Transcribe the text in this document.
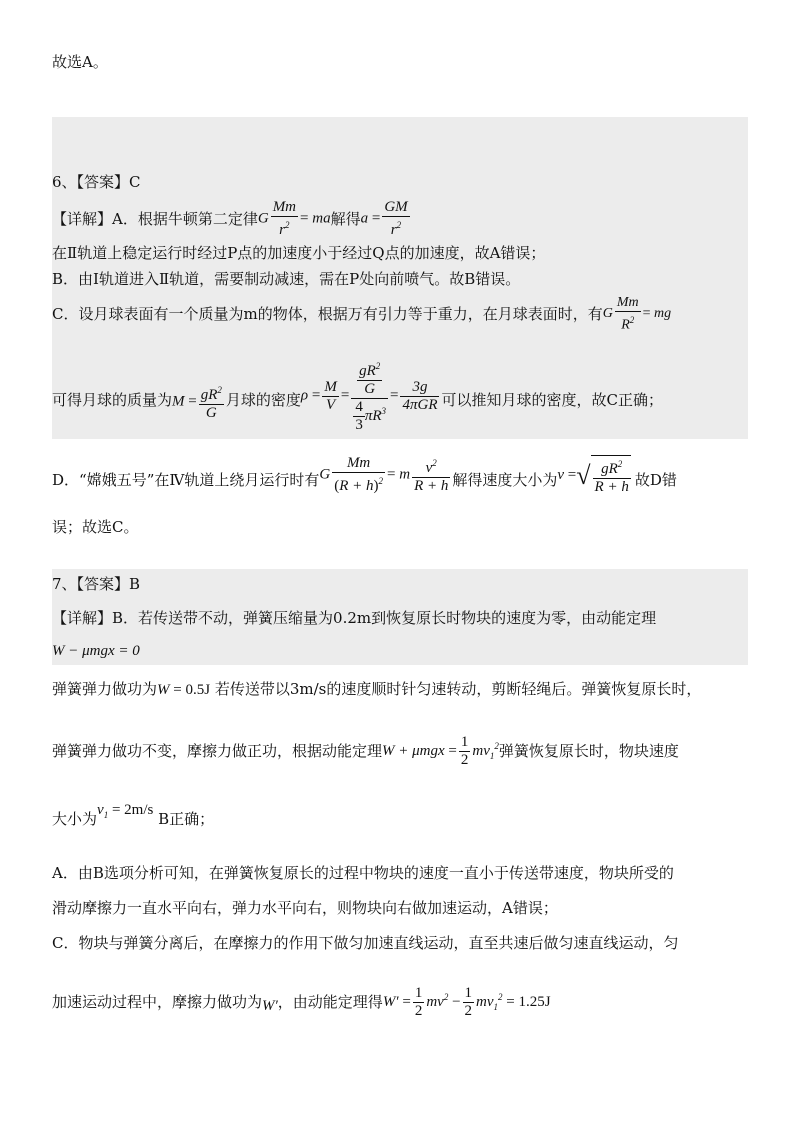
故选A。
6、【答案】C
【详解】A．根据牛顿第二定律 G $\frac{Mm}{r^2}$ = ma 解得 $a = \frac{GM}{r^2}$
在Ⅱ轨道上稳定运行时经过P点的加速度小于经过Q点的加速度，故A错误；
B．由Ⅰ轨道进入Ⅱ轨道，需要制动减速，需在P处向前喷气。故B错误。
C．设月球表面有一个质量为m的物体，根据万有引力等于重力，在月球表面时，有 G $\frac{Mm}{R^2}$ = mg
可得月球的质量为 $M = \frac{gR^2}{G}$ 月球的密度 $\rho = \frac{M}{V} = \frac{\frac{gR^2}{G}}{\frac{4}{3} \pi R^3} = \frac{3g}{\text{4πGR}}$ 可以推知月球的密度，故C正确；
D．“嫦娥五号”在Ⅳ轨道上绕月运行时有 G $\frac{Mm}{(R + h)^2} = m \frac{v^2}{R + h}$ 解得速度大小为 v =√ $\frac{gR^2}{R + h}$ 故D错
误；故选C。
7、【答案】B
【详解】B．若传送带不动，弹簧压缩量为0.2m到恢复原长时物块的速度为零，由动能定理
W − μmgx = 0
弹簧弹力做功为W = 0.5J 若传送带以3m/s的速度顺时针匀速转动，剪断轻绳后。弹簧恢复原长时，
弹簧弹力做功不变，摩擦力做正功，根据动能定理 $W + \mu mgx = \frac{1}{2} mv_1^2$ 弹簧恢复原长时，物块速度
大小为$v_1 = 2m/s$ B正确；
A．由B选项分析可知，在弹簧恢复原长的过程中物块的速度一直小于传送带速度，物块所受的
滑动摩擦力一直水平向右，弹力水平向右，则物块向右做加速运动，A错误；
C．物块与弹簧分离后，在摩擦力的作用下做匀加速直线运动，直至共速后做匀速直线运动，匀
加速运动过程中，摩擦力做功为 W′ ，由动能定理得 $W' = \frac{1}{2} mv^2 - \frac{1}{2} mv_1^2 = 1.25J$
